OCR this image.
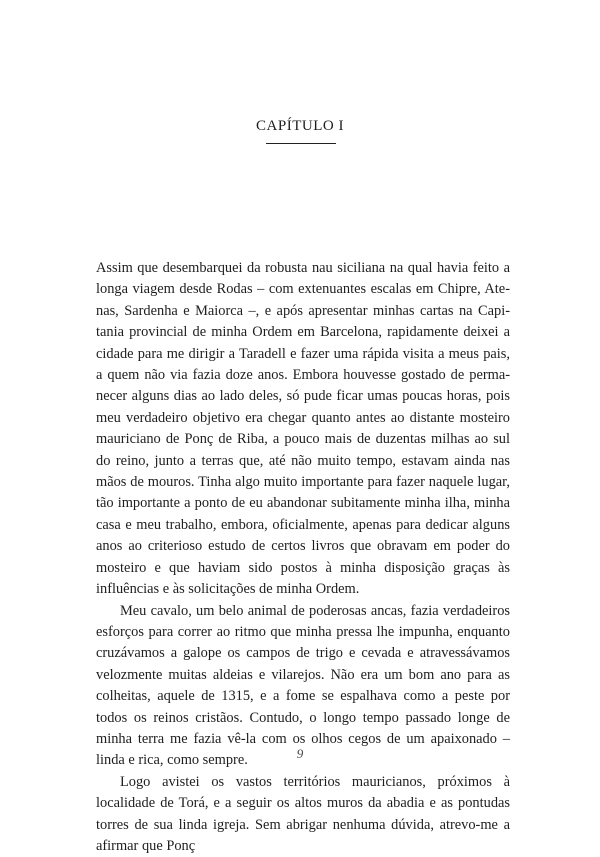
CAPÍTULO I

Assim que desembarquei da robusta nau siciliana na qual havia feito a longa viagem desde Rodas – com extenuantes escalas em Chipre, Atenas, Sardenha e Maiorca –, e após apresentar minhas cartas na Capitania provincial de minha Ordem em Barcelona, rapidamente deixei a cidade para me dirigir a Taradell e fazer uma rápida visita a meus pais, a quem não via fazia doze anos. Embora houvesse gostado de permanecer alguns dias ao lado deles, só pude ficar umas poucas horas, pois meu verdadeiro objetivo era chegar quanto antes ao distante mosteiro mauriciano de Ponç de Riba, a pouco mais de duzentas milhas ao sul do reino, junto a terras que, até não muito tempo, estavam ainda nas mãos de mouros. Tinha algo muito importante para fazer naquele lugar, tão importante a ponto de eu abandonar subitamente minha ilha, minha casa e meu trabalho, embora, oficialmente, apenas para dedicar alguns anos ao criterioso estudo de certos livros que obravam em poder do mosteiro e que haviam sido postos à minha disposição graças às influências e às solicitações de minha Ordem.

Meu cavalo, um belo animal de poderosas ancas, fazia verdadeiros esforços para correr ao ritmo que minha pressa lhe impunha, enquanto cruzávamos a galope os campos de trigo e cevada e atravessávamos velozmente muitas aldeias e vilarejos. Não era um bom ano para as colheitas, aquele de 1315, e a fome se espalhava como a peste por todos os reinos cristãos. Contudo, o longo tempo passado longe de minha terra me fazia vê-la com os olhos cegos de um apaixonado – linda e rica, como sempre.

Logo avistei os vastos territórios mauricianos, próximos à localidade de Torá, e a seguir os altos muros da abadia e as pontudas torres de sua linda igreja. Sem abrigar nenhuma dúvida, atrevo-me a afirmar que Ponç

9
